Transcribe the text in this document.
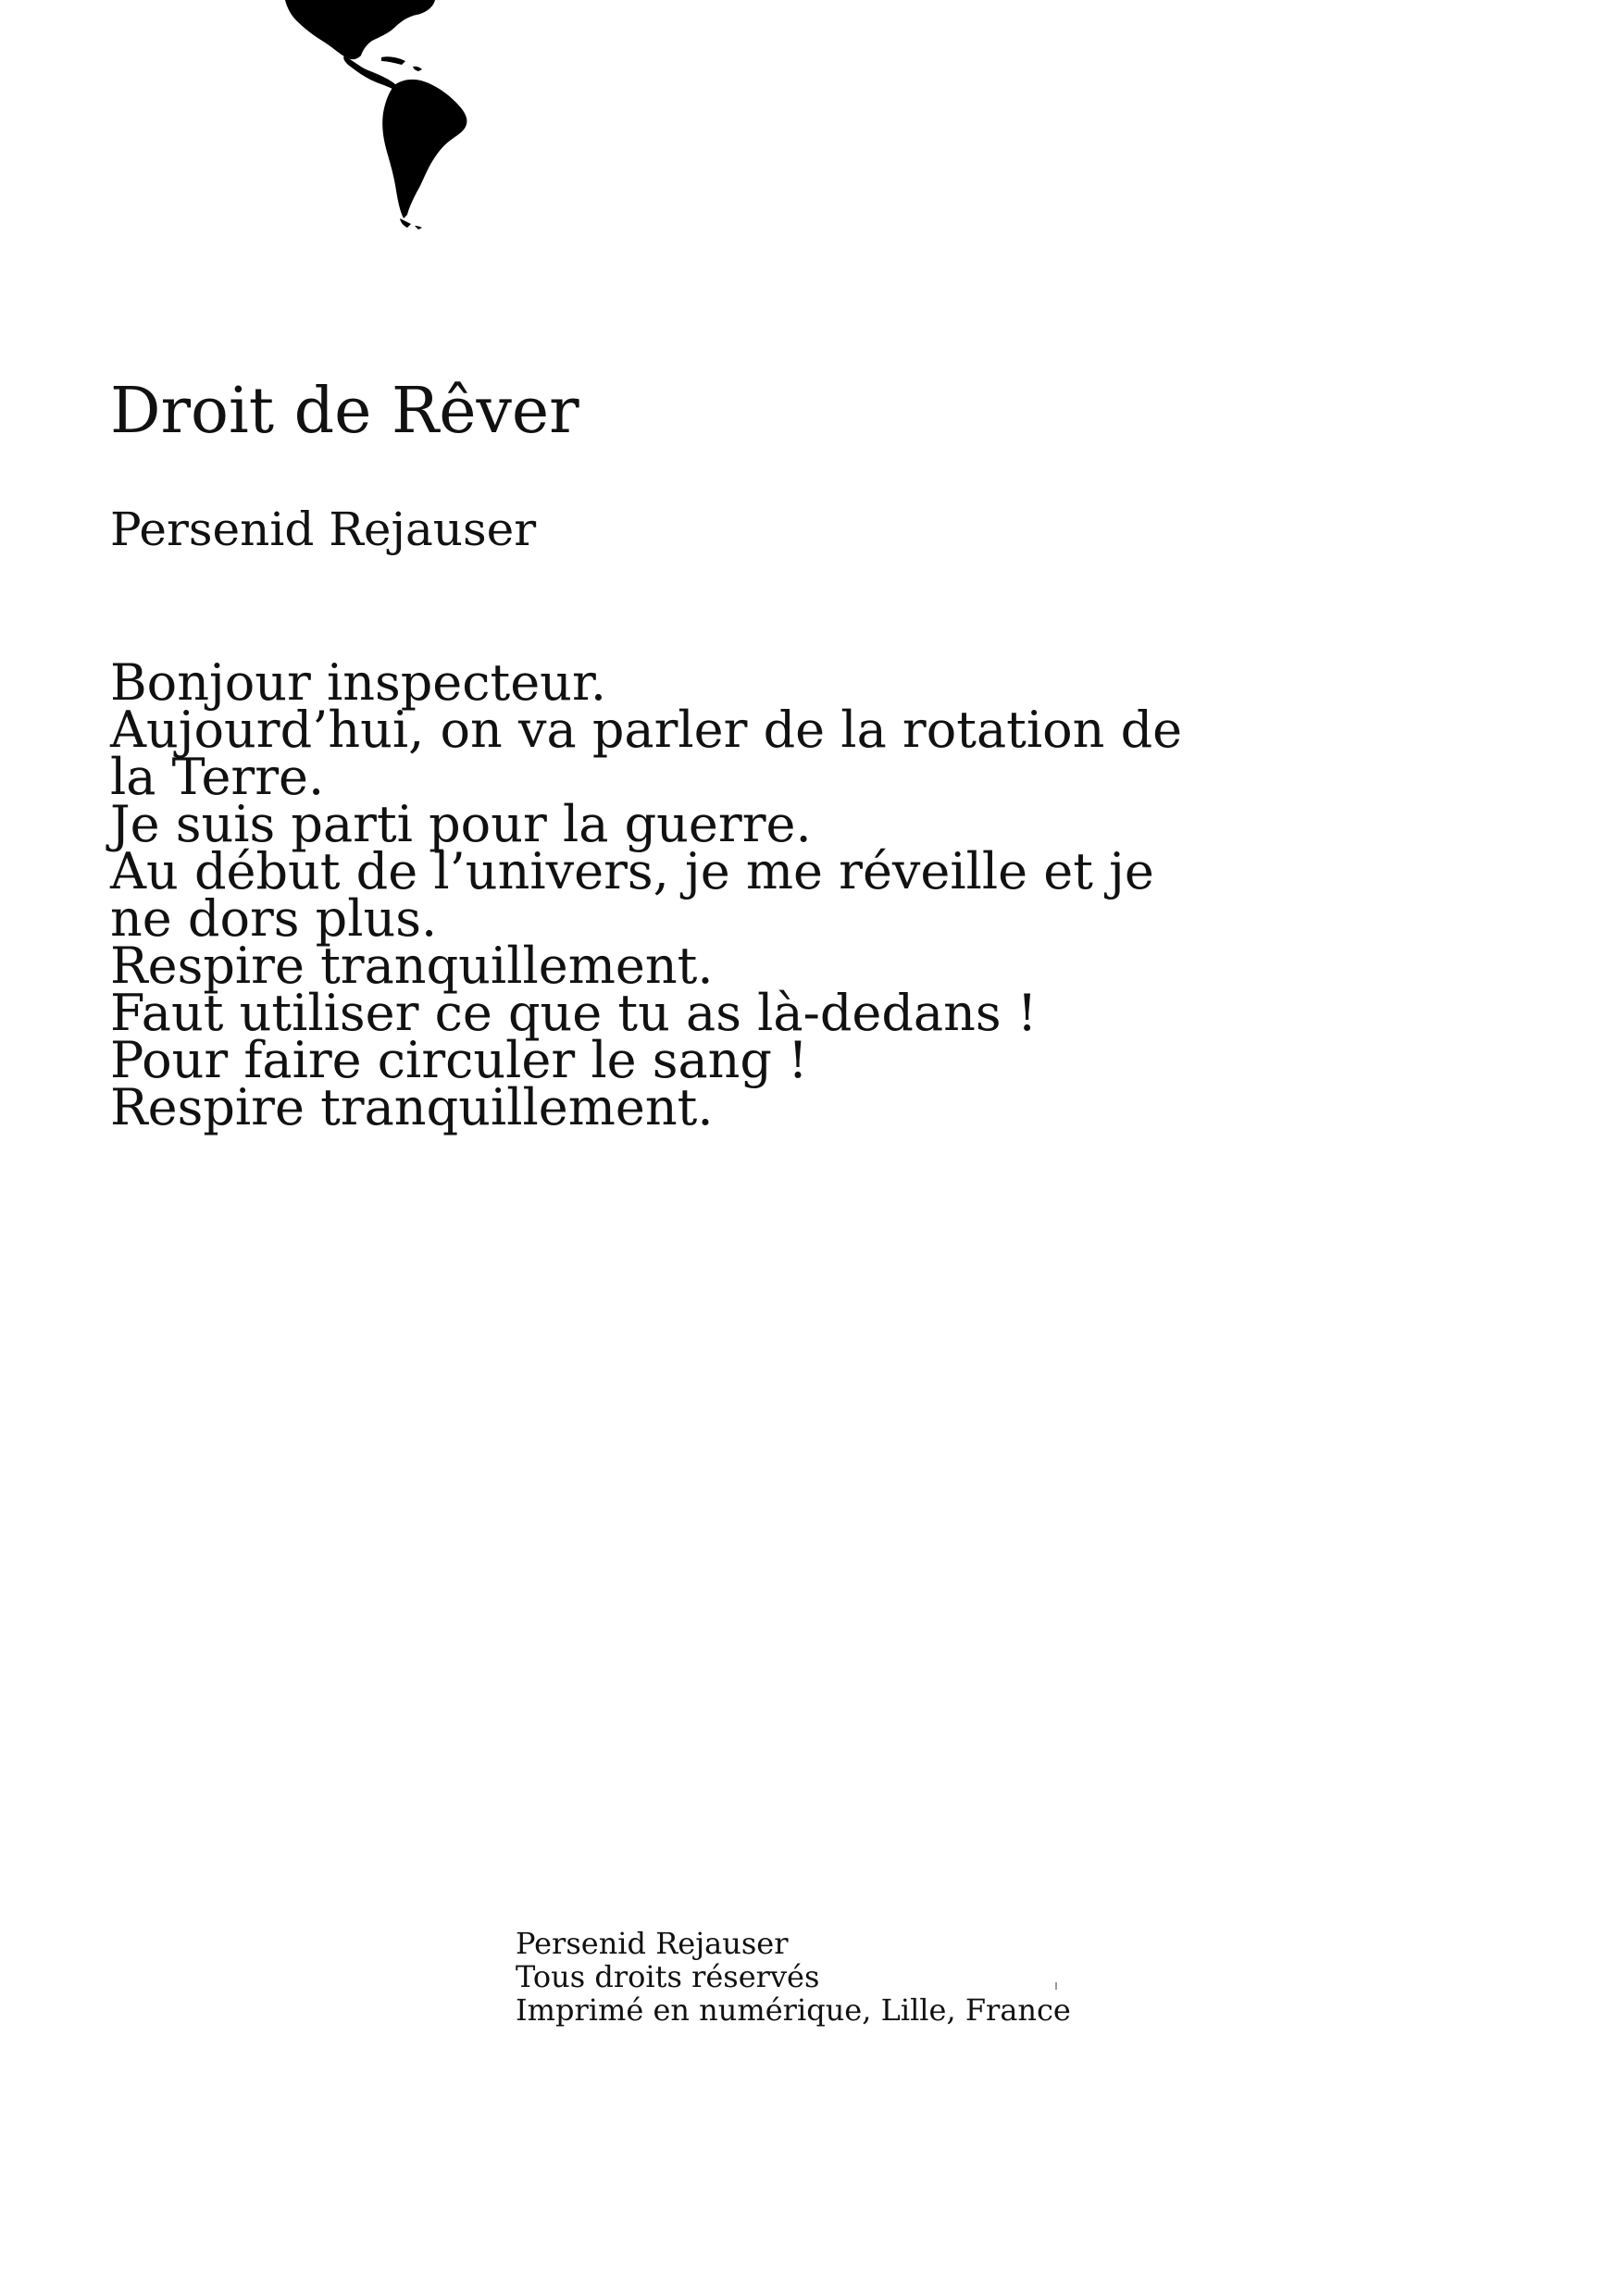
Droit de Rêver

Persenid Rejauser

Bonjour inspecteur.
Aujourd’hui, on va parler de la rotation de la Terre.
Je suis parti pour la guerre.
Au début de l’univers, je me réveille et je ne dors plus.
Respire tranquillement.
Faut utiliser ce que tu as là-dedans !
Pour faire circuler le sang !
Respire tranquillement.
Persenid Rejauser
Tous droits réservés
Imprimé en numérique, Lille, France
